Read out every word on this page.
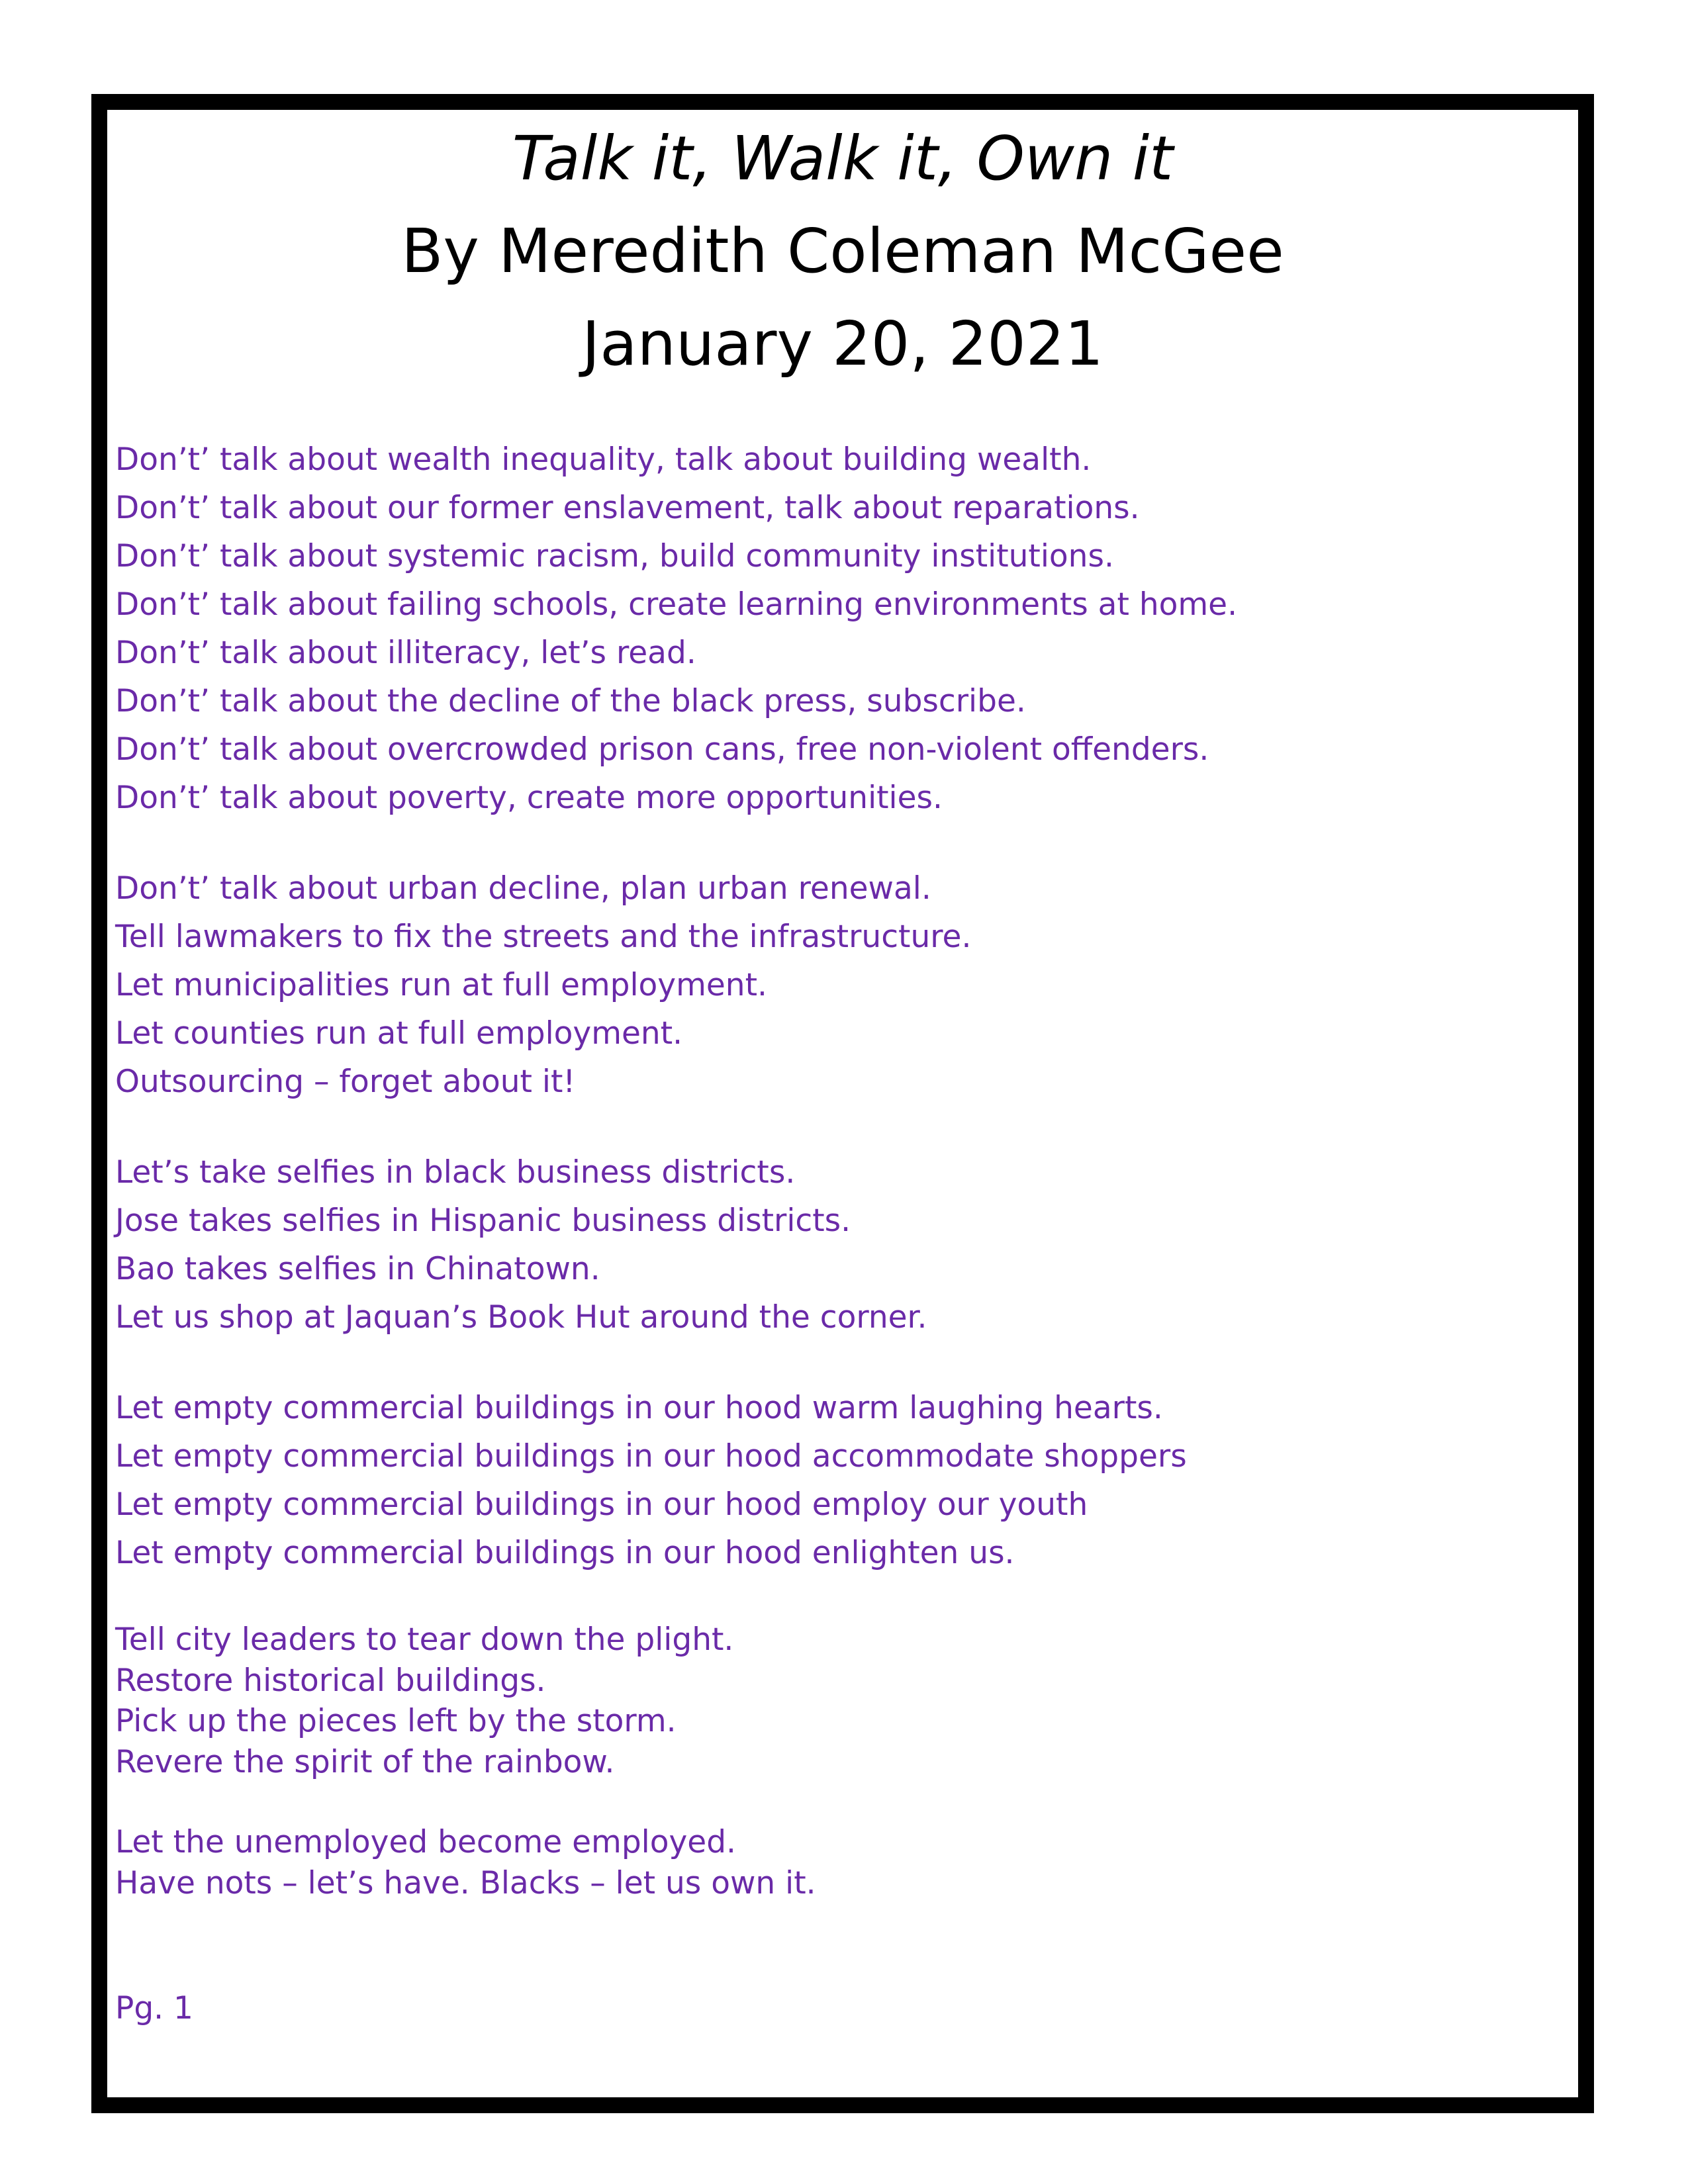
Talk it, Walk it, Own it

By Meredith Coleman McGee

January 20, 2021

Don’t’ talk about wealth inequality, talk about building wealth.
Don’t’ talk about our former enslavement, talk about reparations.
Don’t’ talk about systemic racism, build community institutions.
Don’t’ talk about failing schools, create learning environments at home.
Don’t’ talk about illiteracy, let’s read.
Don’t’ talk about the decline of the black press, subscribe.
Don’t’ talk about overcrowded prison cans, free non-violent offenders.
Don’t’ talk about poverty, create more opportunities.
Don’t’ talk about urban decline, plan urban renewal.
Tell lawmakers to fix the streets and the infrastructure.
Let municipalities run at full employment.
Let counties run at full employment.
Outsourcing – forget about it!
Let’s take selfies in black business districts.
Jose takes selfies in Hispanic business districts.
Bao takes selfies in Chinatown.
Let us shop at Jaquan’s Book Hut around the corner.
Let empty commercial buildings in our hood warm laughing hearts.
Let empty commercial buildings in our hood accommodate shoppers
Let empty commercial buildings in our hood employ our youth
Let empty commercial buildings in our hood enlighten us.
Tell city leaders to tear down the plight.
Restore historical buildings.
Pick up the pieces left by the storm.
Revere the spirit of the rainbow.
Let the unemployed become employed.
Have nots – let’s have. Blacks – let us own it.
Pg. 1
